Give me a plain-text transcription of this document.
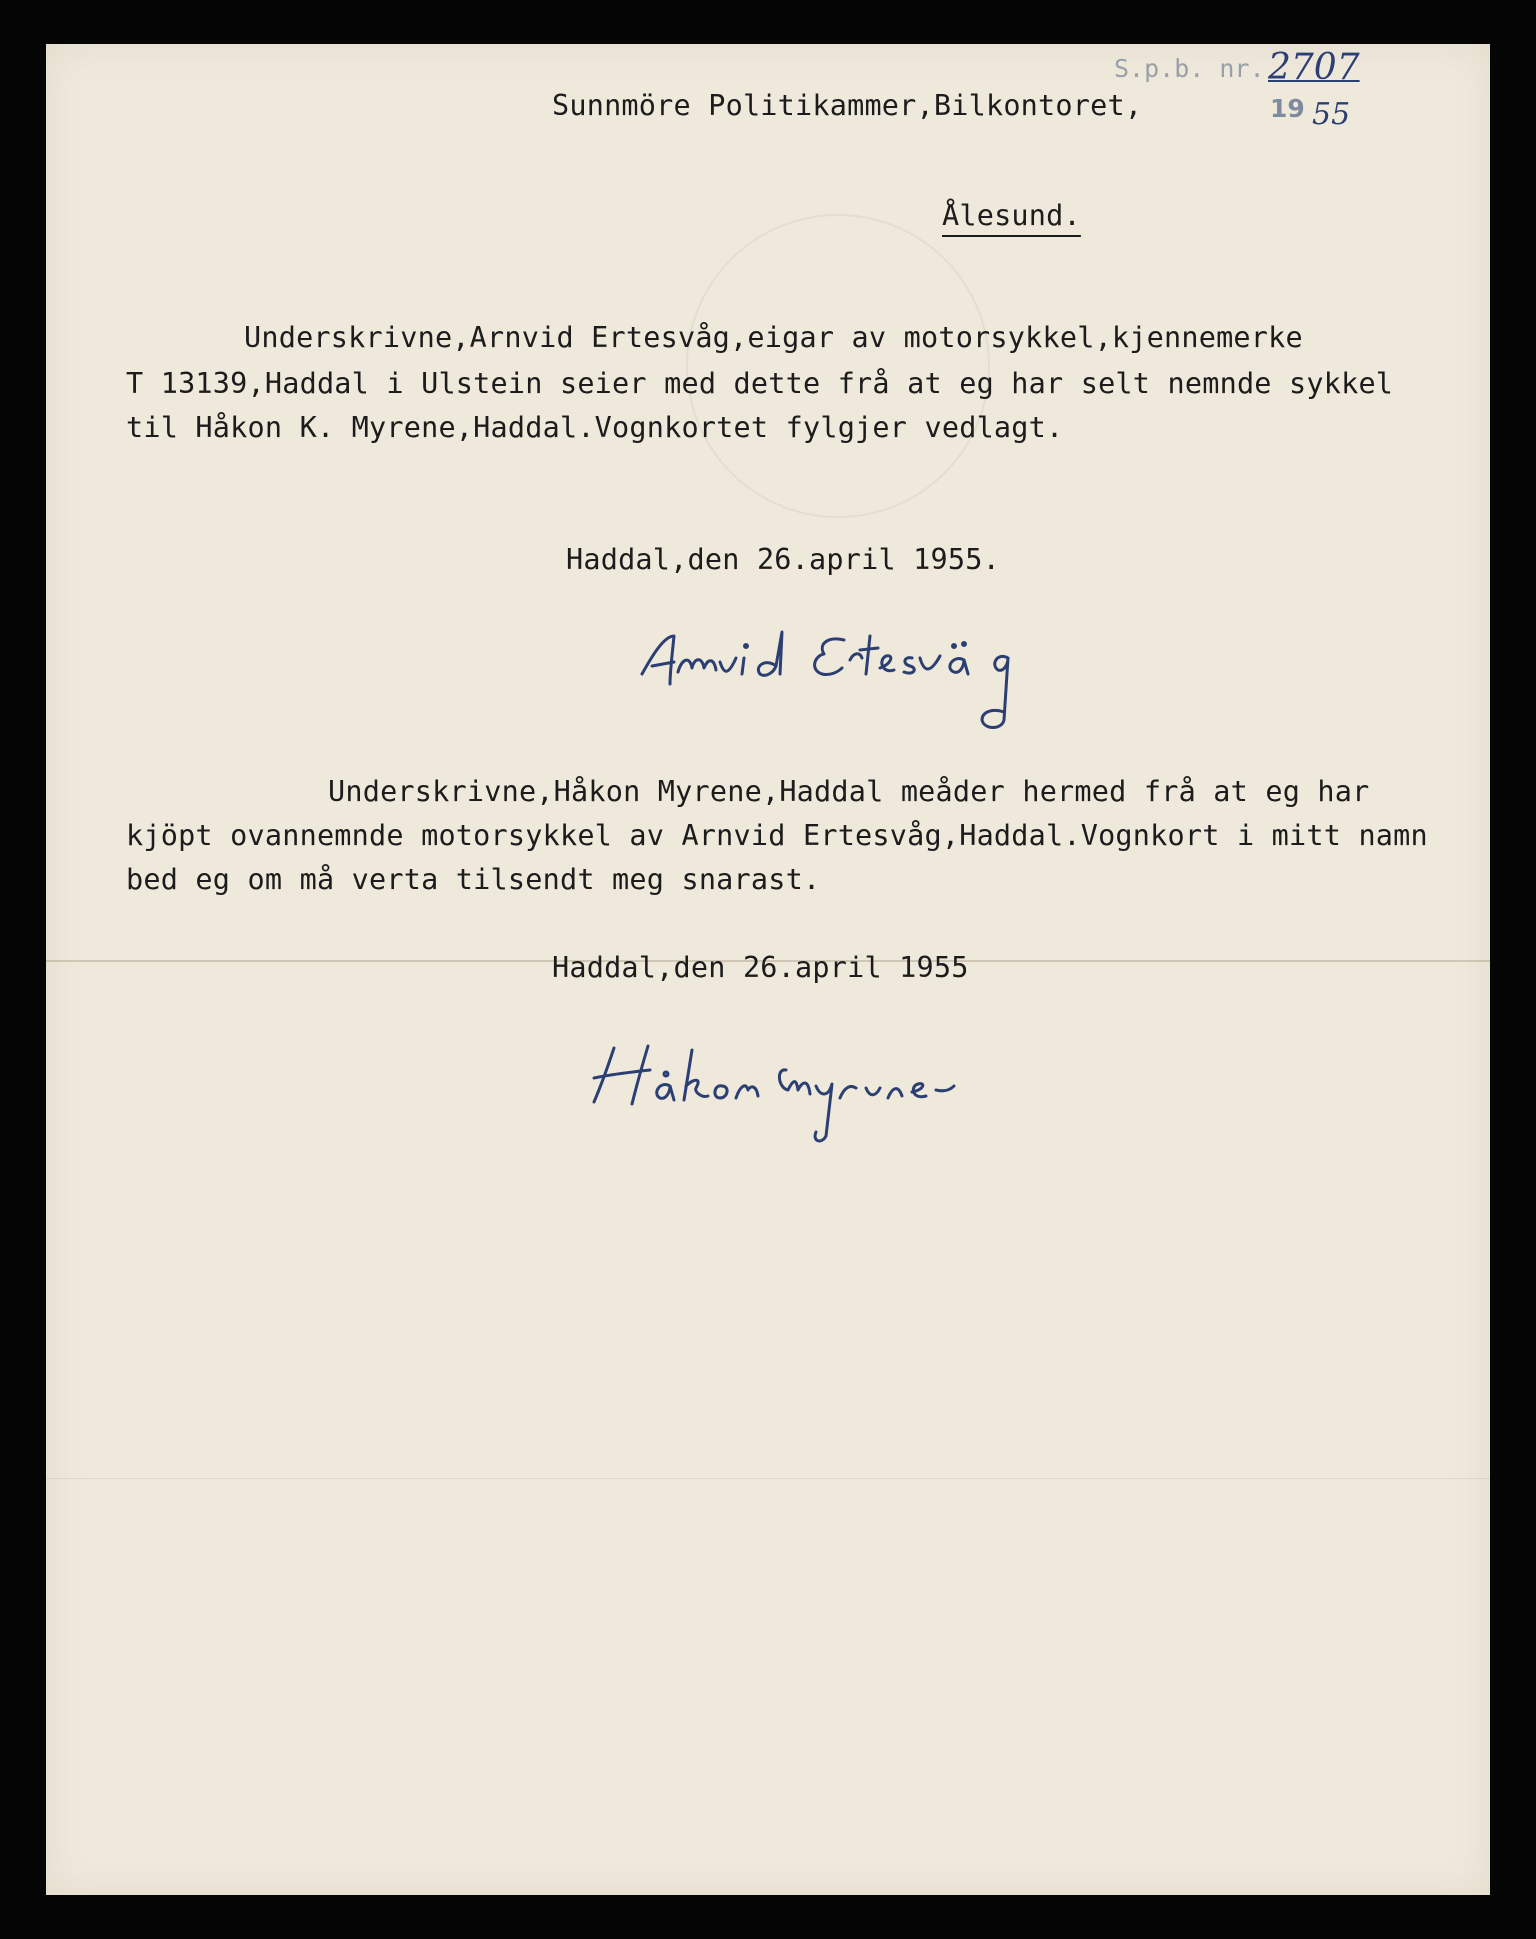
S.p.b. nr. 2707
19 55
Sunnmöre Politikammer,Bilkontoret,
Ålesund.
Underskrivne,Arnvid Ertesvåg,eigar av motorsykkel,kjennemerke
T 13139,Haddal i Ulstein seier med dette frå at eg har selt nemnde sykkel
til Håkon K. Myrene,Haddal.Vognkortet fylgjer vedlagt.
Haddal,den 26.april 1955.
Underskrivne,Håkon Myrene,Haddal meåder hermed frå at eg har
kjöpt ovannemnde motorsykkel av Arnvid Ertesvåg,Haddal.Vognkort i mitt namn
bed eg om må verta tilsendt meg snarast.
Haddal,den 26.april 1955
